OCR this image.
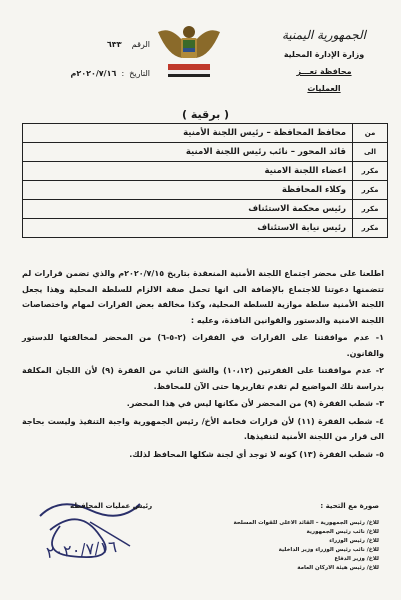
الجمهورية اليمنية
وزارة الإدارة المحلية
محافظة تعـــز
العمليات
الرقم    ٦٣٣
التاريخ  :  ٢٠٢٠/٧/١٦م
( برقية )
من
محافظ المحافظة – رئيس اللجنة الأمنية
الى
قائد المحور – نائب رئيس اللجنة الامنية
مكرر
اعضاء اللجنة الامنية
مكرر
وكلاء المحافظة
مكرر
رئيس محكمة الاستئناف
مكرر
رئيس نيابة الاستئناف

اطلعنا على محضر اجتماع اللجنة الأمنية المنعقدة بتاريخ ٢٠٢٠/٧/١٥م والذي تضمن قرارات لم تتضمنها دعوتنا للاجتماع بالإضافة الى انها تحمل صفة الالزام للسلطة المحلية وهذا يجعل اللجنة الأمنية سلطة موازية للسلطة المحلية، وكذا مخالفة بعض القرارات لمهام واختصاصات اللجنة الامنية والدستور والقوانين النافذة، وعليه :

١- عدم موافقتنا على القرارات في الفقرات (٢-٥-٦) من المحضر لمخالفتها للدستور والقانون.

٢- عدم موافقتنا على الفقرتين (١٠،١٢) والشق الثاني من الفقرة (٩) لأن اللجان المكلفة بدراسة تلك المواضيع لم تقدم تقاريرها حتى الآن للمحافظ.

٣- شطب الفقرة (٩) من المحضر لأن مكانها ليس في هذا المحضر.

٤- شطب الفقرة (١١) لأن قرارات فخامة الأخ/ رئيس الجمهورية واجبة التنفيذ وليست بحاجة الى قرار من اللجنة الأمنية لتنفيذها.

٥- شطب الفقرة (١٣) كونه لا توجد أي لجنة شكلها المحافظ لذلك.

رئيس عمليات المحافظة
٢٠٢٠/٧/١٦
صورة مع التحية :
للاخ/ رئيس الجمهورية – القائد الاعلى للقوات المسلحة
للاخ/ نائب رئيس الجمهورية
للاخ/ رئيس الوزراء
للاخ/ نائب رئيس الوزراء وزير الداخلية
للاخ/ وزير الدفاع
للاخ/ رئيس هيئة الاركان العامة
